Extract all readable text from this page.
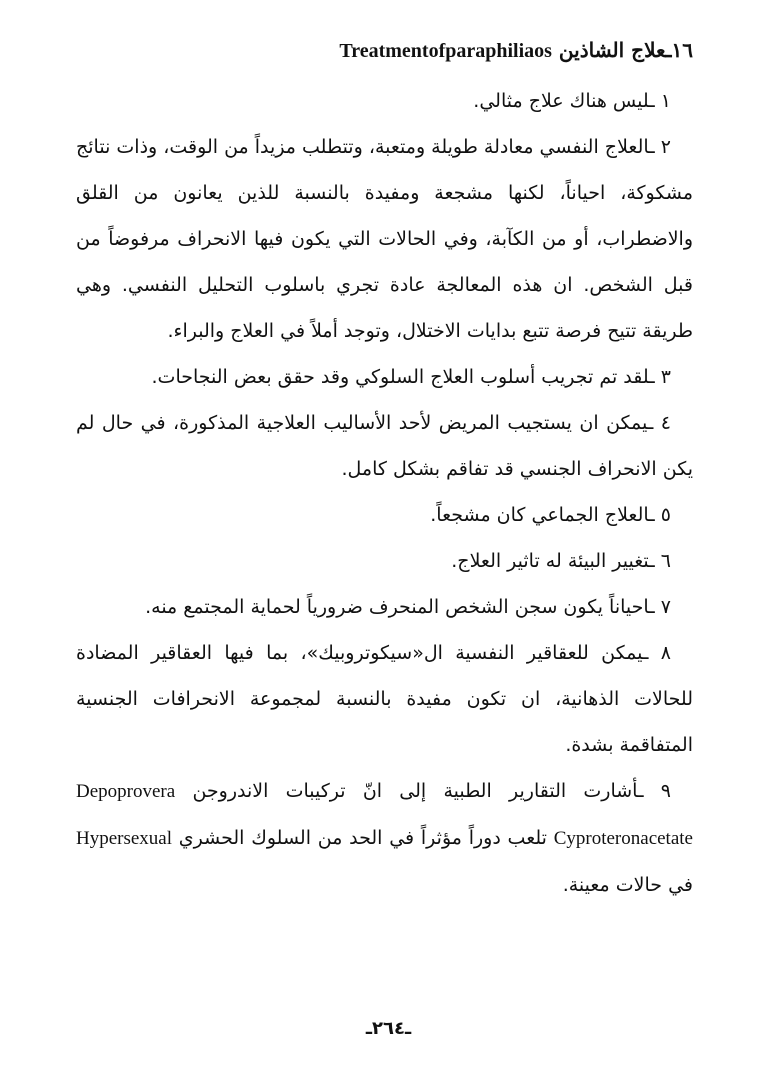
١٦ـعلاج الشاذين Treatmentofparaphiliaos

١ ـليس هناك علاج مثالي.

٢ ـالعلاج النفسي معادلة طويلة ومتعبة، وتتطلب مزيداً من الوقت، وذات نتائج مشكوكة، احياناً، لكنها مشجعة ومفيدة بالنسبة للذين يعانون من القلق والاضطراب، أو من الكآبة، وفي الحالات التي يكون فيها الانحراف مرفوضاً من قبل الشخص. ان هذه المعالجة عادة تجري باسلوب التحليل النفسي. وهي طريقة تتيح فرصة تتبع بدايات الاختلال، وتوجد أملاً في العلاج والبراء.

٣ ـلقد تم تجريب أسلوب العلاج السلوكي وقد حقق بعض النجاحات.

٤ ـيمكن ان يستجيب المريض لأحد الأساليب العلاجية المذكورة، في حال لم يكن الانحراف الجنسي قد تفاقم بشكل كامل.

٥ ـالعلاج الجماعي كان مشجعاً.

٦ ـتغيير البيئة له تاثير العلاج.

٧ ـاحياناً يكون سجن الشخص المنحرف ضرورياً لحماية المجتمع منه.

٨ ـيمكن للعقاقير النفسية ال«سيكوتروبيك»، بما فيها العقاقير المضادة للحالات الذهانية، ان تكون مفيدة بالنسبة لمجموعة الانحرافات الجنسية المتفاقمة بشدة.

٩ ـأشارت التقارير الطبية إلى انّ تركيبات الاندروجن Depoprovera Cyproteronacetate تلعب دوراً مؤثراً في الحد من السلوك الحشري Hypersexual في حالات معينة.

ـ٢٦٤ـ
